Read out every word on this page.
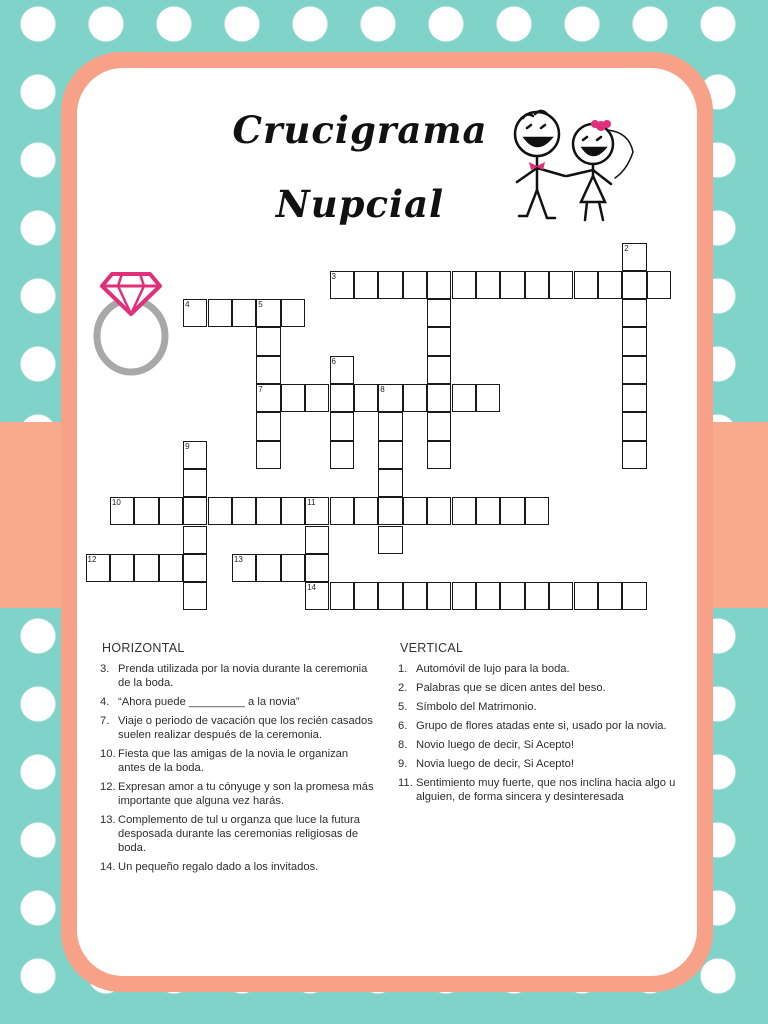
Crucigrama
Nupcial
3
4	5
7	8
10	11
12	13
14
2
6
9
HORIZONTAL
3. Prenda utilizada por la novia durante la ceremonia de la boda.
4. “Ahora puede _________ a la novia”
7. Viaje o periodo de vacación que los recién casados suelen realizar después de la ceremonia.
10. Fiesta que las amigas de la novia le organizan antes de la boda.
12. Expresan amor a tu cónyuge y son la promesa más importante que alguna vez harás.
13. Complemento de tul u organza que luce la futura desposada durante las ceremonias religiosas de boda.
14. Un pequeño regalo dado a los invitados.
VERTICAL
1. Automóvil de lujo para la boda.
2. Palabras que se dicen antes del beso.
5. Símbolo del Matrimonio.
6. Grupo de flores atadas ente si, usado por la novia.
8. Novio luego de decir, Si Acepto!
9. Novia luego de decir, Si Acepto!
11. Sentimiento muy fuerte, que nos inclina hacia algo u alguien, de forma sincera y desinteresada
